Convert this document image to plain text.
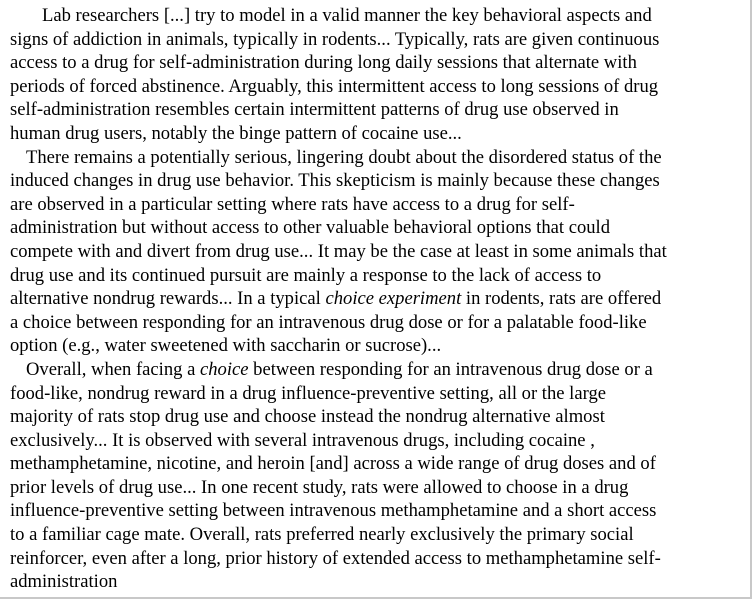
Lab researchers [...] try to model in a valid manner the key behavioral aspects and
signs of addiction in animals, typically in rodents... Typically, rats are given continuous
access to a drug for self-administration during long daily sessions that alternate with
periods of forced abstinence. Arguably, this intermittent access to long sessions of drug
self-administration resembles certain intermittent patterns of drug use observed in
human drug users, notably the binge pattern of cocaine use...
There remains a potentially serious, lingering doubt about the disordered status of the
induced changes in drug use behavior. This skepticism is mainly because these changes
are observed in a particular setting where rats have access to a drug for self-
administration but without access to other valuable behavioral options that could
compete with and divert from drug use... It may be the case at least in some animals that
drug use and its continued pursuit are mainly a response to the lack of access to
alternative nondrug rewards... In a typical choice experiment in rodents, rats are offered
a choice between responding for an intravenous drug dose or for a palatable food-like
option (e.g., water sweetened with saccharin or sucrose)...
Overall, when facing a choice between responding for an intravenous drug dose or a
food-like, nondrug reward in a drug influence-preventive setting, all or the large
majority of rats stop drug use and choose instead the nondrug alternative almost
exclusively... It is observed with several intravenous drugs, including cocaine ,
methamphetamine, nicotine, and heroin [and] across a wide range of drug doses and of
prior levels of drug use... In one recent study, rats were allowed to choose in a drug
influence-preventive setting between intravenous methamphetamine and a short access
to a familiar cage mate. Overall, rats preferred nearly exclusively the primary social
reinforcer, even after a long, prior history of extended access to methamphetamine self-
administration
